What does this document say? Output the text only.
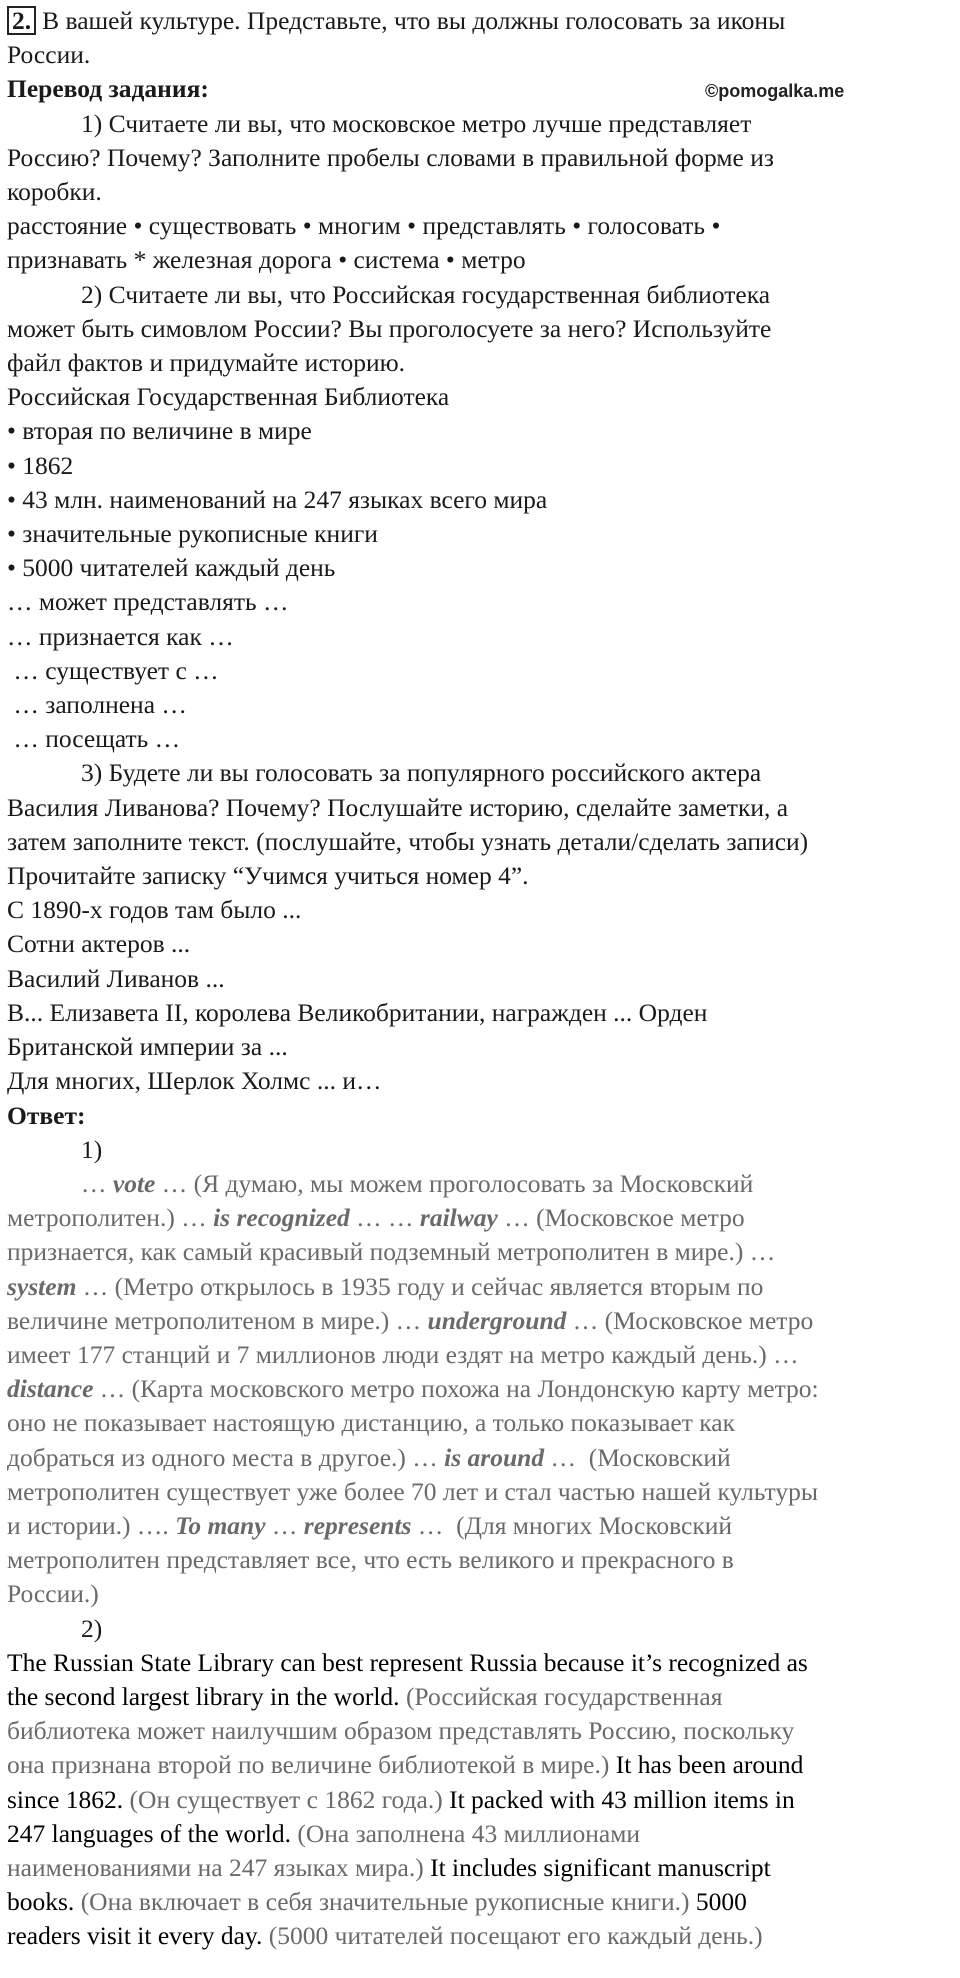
2. В вашей культуре. Представьте, что вы должны голосовать за иконы
России.
Перевод задания:	©pomogalka.me
1) Считаете ли вы, что московское метро лучше представляет
Россию? Почему? Заполните пробелы словами в правильной форме из
коробки.
расстояние • существовать • многим • представлять • голосовать •
признавать * железная дорога • система • метро
2) Считаете ли вы, что Российская государственная библиотека
может быть симовлом России? Вы проголосуете за него? Используйте
файл фактов и придумайте историю.
Российская Государственная Библиотека
• вторая по величине в мире
• 1862
• 43 млн. наименований на 247 языках всего мира
• значительные рукописные книги
• 5000 читателей каждый день
… может представлять …
… признается как …
… существует с …
… заполнена …
… посещать …
3) Будете ли вы голосовать за популярного российского актера
Василия Ливанова? Почему? Послушайте историю, сделайте заметки, а
затем заполните текст. (послушайте, чтобы узнать детали/сделать записи)
Прочитайте записку “Учимся учиться номер 4”.
С 1890-х годов там было ...
Сотни актеров ...
Василий Ливанов ...
В... Елизавета II, королева Великобритании, награжден ... Орден
Британской империи за ...
Для многих, Шерлок Холмс ... и…
Ответ:
1)
… vote … (Я думаю, мы можем проголосовать за Московский
метрополитен.) … is recognized … … railway … (Московское метро
признается, как самый красивый подземный метрополитен в мире.) …
system … (Метро открылось в 1935 году и сейчас является вторым по
величине метрополитеном в мире.) … underground … (Московское метро
имеет 177 станций и 7 миллионов люди ездят на метро каждый день.) …
distance … (Карта московского метро похожа на Лондонскую карту метро:
оно не показывает настоящую дистанцию, а только показывает как
добраться из одного места в другое.) … is around …  (Московский
метрополитен существует уже более 70 лет и стал частью нашей культуры
и истории.) …. To many … represents …  (Для многих Московский
метрополитен представляет все, что есть великого и прекрасного в
России.)
2)
The Russian State Library can best represent Russia because it’s recognized as
the second largest library in the world. (Российская государственная
библиотека может наилучшим образом представлять Россию, поскольку
она признана второй по величине библиотекой в мире.) It has been around
since 1862. (Он существует с 1862 года.) It packed with 43 million items in
247 languages of the world. (Она заполнена 43 миллионами
наименованиями на 247 языках мира.) It includes significant manuscript
books. (Она включает в себя значительные рукописные книги.) 5000
readers visit it every day. (5000 читателей посещают его каждый день.)
